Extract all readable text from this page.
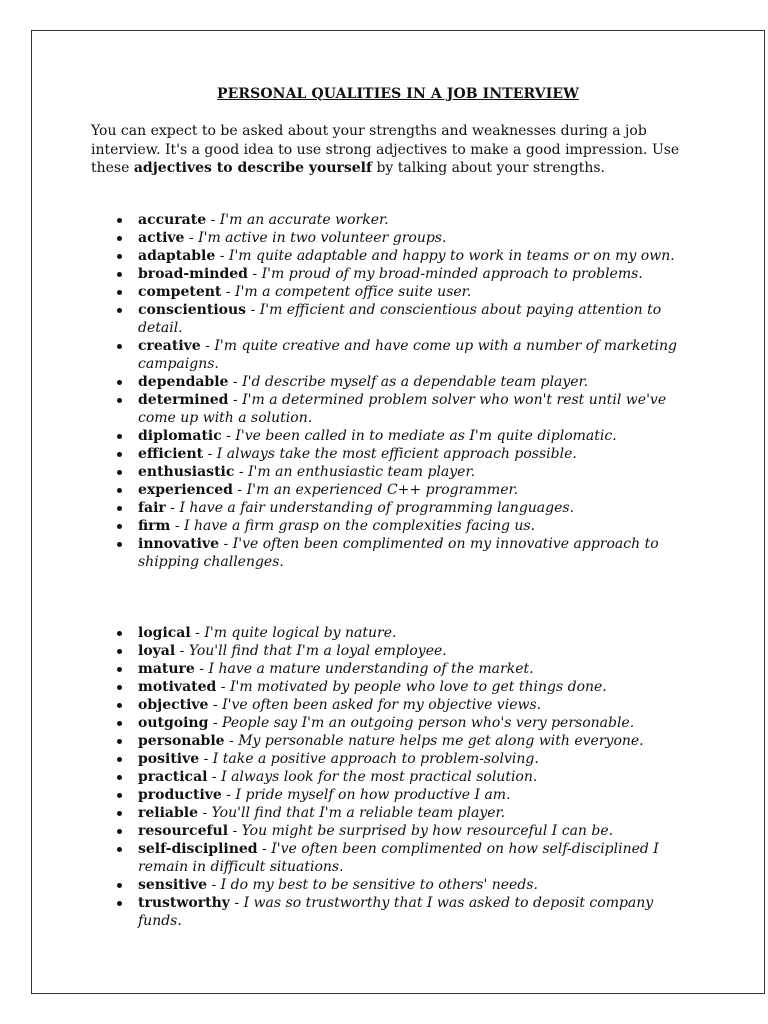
PERSONAL QUALITIES IN A JOB INTERVIEW

You can expect to be asked about your strengths and weaknesses during a job interview. It's a good idea to use strong adjectives to make a good impression. Use these adjectives to describe yourself by talking about your strengths.

accurate - I'm an accurate worker.
active - I'm active in two volunteer groups.
adaptable - I'm quite adaptable and happy to work in teams or on my own.
broad-minded - I'm proud of my broad-minded approach to problems.
competent - I'm a competent office suite user.
conscientious - I'm efficient and conscientious about paying attention to detail.
creative - I'm quite creative and have come up with a number of marketing campaigns.
dependable - I'd describe myself as a dependable team player.
determined - I'm a determined problem solver who won't rest until we've come up with a solution.
diplomatic - I've been called in to mediate as I'm quite diplomatic.
efficient - I always take the most efficient approach possible.
enthusiastic - I'm an enthusiastic team player.
experienced - I'm an experienced C++ programmer.
fair - I have a fair understanding of programming languages.
firm - I have a firm grasp on the complexities facing us.
innovative - I've often been complimented on my innovative approach to shipping challenges.
logical - I'm quite logical by nature.
loyal - You'll find that I'm a loyal employee.
mature - I have a mature understanding of the market.
motivated - I'm motivated by people who love to get things done.
objective - I've often been asked for my objective views.
outgoing - People say I'm an outgoing person who's very personable.
personable - My personable nature helps me get along with everyone.
positive - I take a positive approach to problem-solving.
practical - I always look for the most practical solution.
productive - I pride myself on how productive I am.
reliable - You'll find that I'm a reliable team player.
resourceful - You might be surprised by how resourceful I can be.
self-disciplined - I've often been complimented on how self-disciplined I remain in difficult situations.
sensitive - I do my best to be sensitive to others' needs.
trustworthy - I was so trustworthy that I was asked to deposit company funds.
